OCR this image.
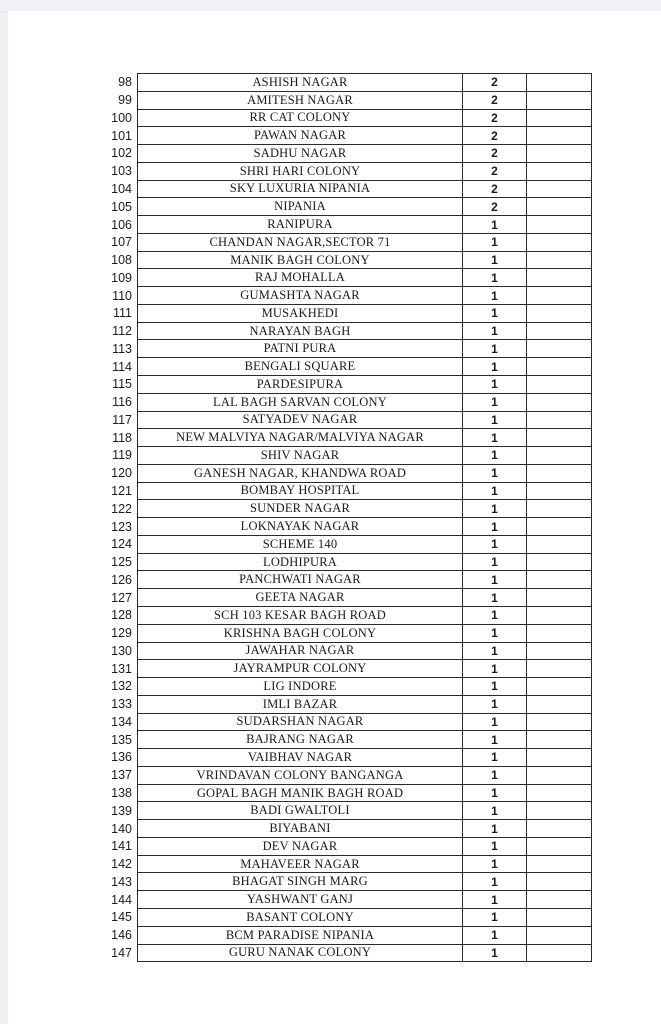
98	ASHISH NAGAR	2	
99	AMITESH NAGAR	2	
100	RR CAT COLONY	2	
101	PAWAN NAGAR	2	
102	SADHU NAGAR	2	
103	SHRI HARI COLONY	2	
104	SKY LUXURIA NIPANIA	2	
105	NIPANIA	2	
106	RANIPURA	1	
107	CHANDAN NAGAR,SECTOR 71	1	
108	MANIK BAGH COLONY	1	
109	RAJ MOHALLA	1	
110	GUMASHTA NAGAR	1	
111	MUSAKHEDI	1	
112	NARAYAN BAGH	1	
113	PATNI PURA	1	
114	BENGALI SQUARE	1	
115	PARDESIPURA	1	
116	LAL BAGH SARVAN COLONY	1	
117	SATYADEV NAGAR	1	
118	NEW MALVIYA NAGAR/MALVIYA NAGAR	1	
119	SHIV NAGAR	1	
120	GANESH NAGAR, KHANDWA ROAD	1	
121	BOMBAY HOSPITAL	1	
122	SUNDER NAGAR	1	
123	LOKNAYAK NAGAR	1	
124	SCHEME 140	1	
125	LODHIPURA	1	
126	PANCHWATI NAGAR	1	
127	GEETA NAGAR	1	
128	SCH 103 KESAR BAGH ROAD	1	
129	KRISHNA BAGH COLONY	1	
130	JAWAHAR NAGAR	1	
131	JAYRAMPUR COLONY	1	
132	LIG INDORE	1	
133	IMLI BAZAR	1	
134	SUDARSHAN NAGAR	1	
135	BAJRANG NAGAR	1	
136	VAIBHAV NAGAR	1	
137	VRINDAVAN COLONY BANGANGA	1	
138	GOPAL BAGH MANIK BAGH ROAD	1	
139	BADI GWALTOLI	1	
140	BIYABANI	1	
141	DEV NAGAR	1	
142	MAHAVEER NAGAR	1	
143	BHAGAT SINGH MARG	1	
144	YASHWANT GANJ	1	
145	BASANT COLONY	1	
146	BCM PARADISE NIPANIA	1	
147	GURU NANAK COLONY	1	
